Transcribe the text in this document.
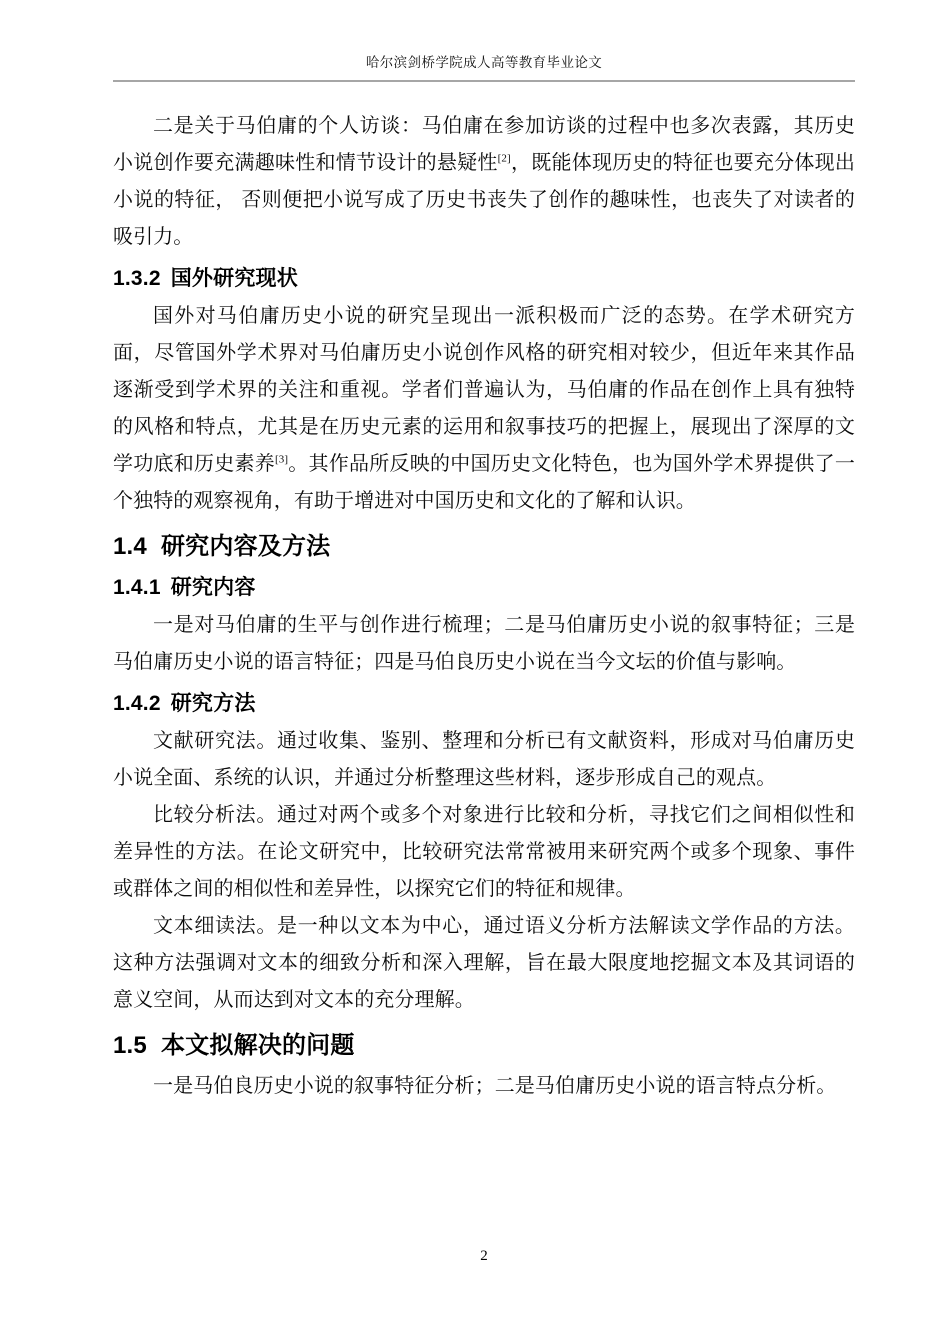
哈尔滨剑桥学院成人高等教育毕业论文

二是关于马伯庸的个人访谈：马伯庸在参加访谈的过程中也多次表露，其历史小说创作要充满趣味性和情节设计的悬疑性[2]，既能体现历史的特征也要充分体现出小说的特征， 否则便把小说写成了历史书丧失了创作的趣味性，也丧失了对读者的吸引力。

1.3.2 国外研究现状

国外对马伯庸历史小说的研究呈现出一派积极而广泛的态势。在学术研究方面，尽管国外学术界对马伯庸历史小说创作风格的研究相对较少，但近年来其作品逐渐受到学术界的关注和重视。学者们普遍认为，马伯庸的作品在创作上具有独特的风格和特点，尤其是在历史元素的运用和叙事技巧的把握上，展现出了深厚的文学功底和历史素养[3]。其作品所反映的中国历史文化特色，也为国外学术界提供了一个独特的观察视角，有助于增进对中国历史和文化的了解和认识。

1.4 研究内容及方法
1.4.1 研究内容

一是对马伯庸的生平与创作进行梳理；二是马伯庸历史小说的叙事特征；三是马伯庸历史小说的语言特征；四是马伯良历史小说在当今文坛的价值与影响。

1.4.2 研究方法

文献研究法。通过收集、鉴别、整理和分析已有文献资料，形成对马伯庸历史小说全面、系统的认识，并通过分析整理这些材料，逐步形成自己的观点。

比较分析法。通过对两个或多个对象进行比较和分析，寻找它们之间相似性和差异性的方法。在论文研究中，比较研究法常常被用来研究两个或多个现象、事件或群体之间的相似性和差异性，以探究它们的特征和规律。

文本细读法。是一种以文本为中心，通过语义分析方法解读文学作品的方法。这种方法强调对文本的细致分析和深入理解，旨在最大限度地挖掘文本及其词语的意义空间，从而达到对文本的充分理解。

1.5 本文拟解决的问题

一是马伯良历史小说的叙事特征分析；二是马伯庸历史小说的语言特点分析。

2
